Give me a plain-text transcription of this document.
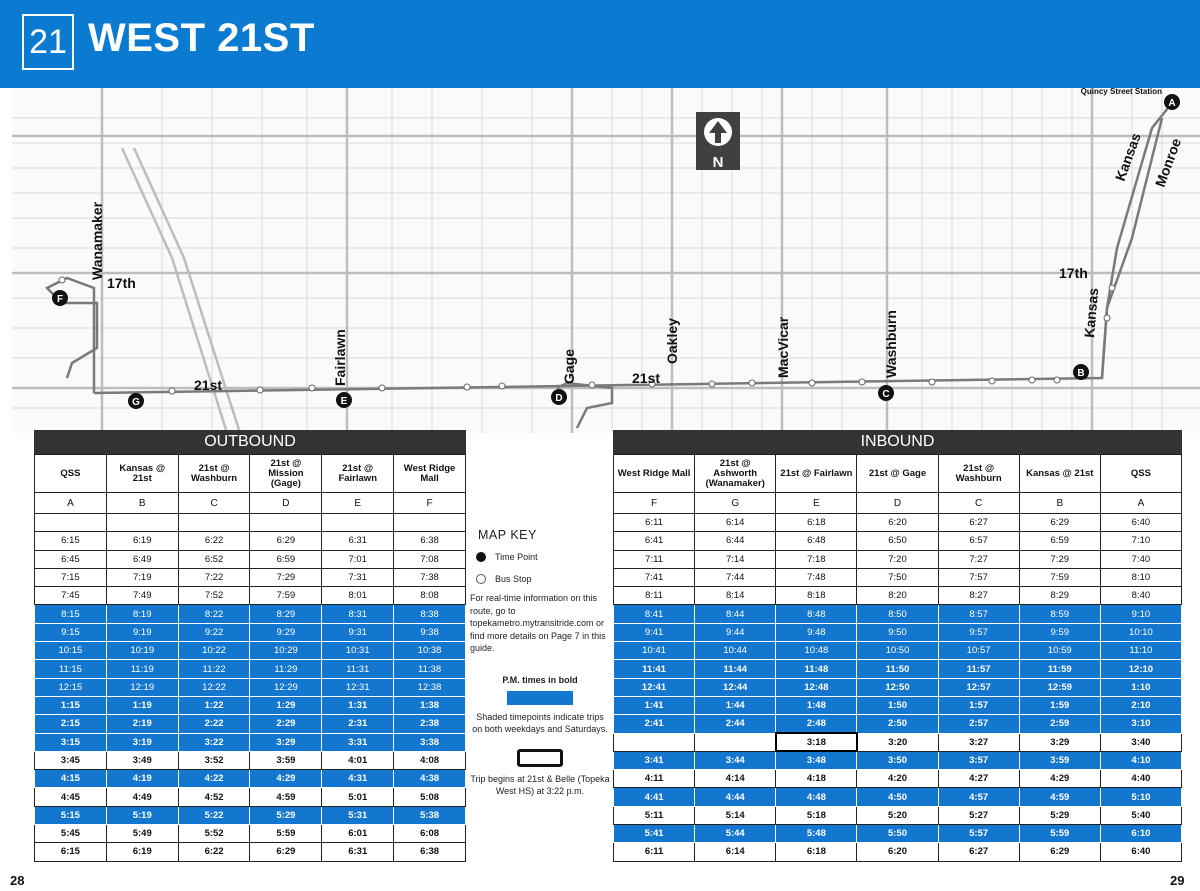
21 WEST 21ST
A
B
C
D
E
F
G
Wanamaker
17th
Fairlawn	Gage
Oakley	MacVicar	Washburn
Kansas Monroe
17th
Kansas
21st	21st
Quincy Street Station
N
OUTBOUND
QSS	Kansas @ 21st	21st @ Washburn	21st @ Mission (Gage)	21st @ Fairlawn	West Ridge Mall
A	B	C	D	E	F

6:15	6:19	6:22	6:29	6:31	6:38
6:45	6:49	6:52	6:59	7:01	7:08
7:15	7:19	7:22	7:29	7:31	7:38
7:45	7:49	7:52	7:59	8:01	8:08
8:15	8:19	8:22	8:29	8:31	8:38
9:15	9:19	9:22	9:29	9:31	9:38
10:15	10:19	10:22	10:29	10:31	10:38
11:15	11:19	11:22	11:29	11:31	11:38
12:15	12:19	12:22	12:29	12:31	12:38
1:15	1:19	1:22	1:29	1:31	1:38
2:15	2:19	2:22	2:29	2:31	2:38
3:15	3:19	3:22	3:29	3:31	3:38
3:45	3:49	3:52	3:59	4:01	4:08
4:15	4:19	4:22	4:29	4:31	4:38
4:45	4:49	4:52	4:59	5:01	5:08
5:15	5:19	5:22	5:29	5:31	5:38
5:45	5:49	5:52	5:59	6:01	6:08
6:15	6:19	6:22	6:29	6:31	6:38
MAP KEY
Time Point
Bus Stop
For real-time information on this route, go to topekametro.mytransitride.com or find more details on Page 7 in this guide.
P.M. times in bold
Shaded timepoints indicate trips on both weekdays and Saturdays.
Trip begins at 21st & Belle (Topeka West HS) at 3:22 p.m.
INBOUND
West Ridge Mall	21st @ Ashworth (Wanamaker)	21st @ Fairlawn	21st @ Gage	21st @ Washburn	Kansas @ 21st	QSS
F	G	E	D	C	B	A
6:11	6:14	6:18	6:20	6:27	6:29	6:40
6:41	6:44	6:48	6:50	6:57	6:59	7:10
7:11	7:14	7:18	7:20	7:27	7:29	7:40
7:41	7:44	7:48	7:50	7:57	7:59	8:10
8:11	8:14	8:18	8:20	8:27	8:29	8:40
8:41	8:44	8:48	8:50	8:57	8:59	9:10
9:41	9:44	9:48	9:50	9:57	9:59	10:10
10:41	10:44	10:48	10:50	10:57	10:59	11:10
11:41	11:44	11:48	11:50	11:57	11:59	12:10
12:41	12:44	12:48	12:50	12:57	12:59	1:10
1:41	1:44	1:48	1:50	1:57	1:59	2:10
2:41	2:44	2:48	2:50	2:57	2:59	3:10
		3:18	3:20	3:27	3:29	3:40
3:41	3:44	3:48	3:50	3:57	3:59	4:10
4:11	4:14	4:18	4:20	4:27	4:29	4:40
4:41	4:44	4:48	4:50	4:57	4:59	5:10
5:11	5:14	5:18	5:20	5:27	5:29	5:40
5:41	5:44	5:48	5:50	5:57	5:59	6:10
6:11	6:14	6:18	6:20	6:27	6:29	6:40
28	29
